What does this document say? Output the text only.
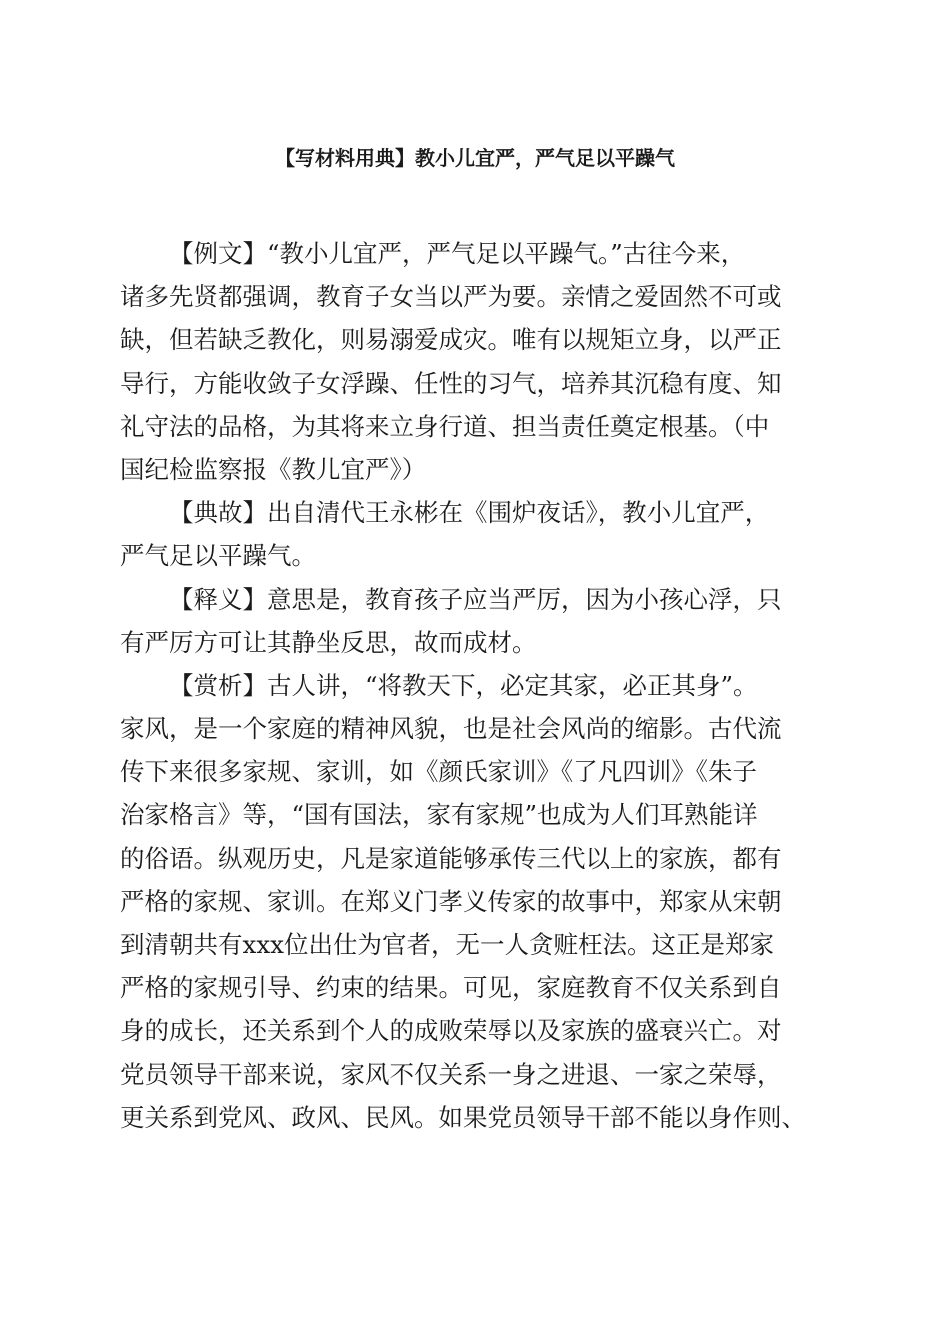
【写材料用典】教小儿宜严，严气足以平躁气

【例文】“教小儿宜严，严气足以平躁气。”古往今来，
诸多先贤都强调，教育子女当以严为要。亲情之爱固然不可或
缺，但若缺乏教化，则易溺爱成灾。唯有以规矩立身，以严正
导行，方能收敛子女浮躁、任性的习气，培养其沉稳有度、知
礼守法的品格，为其将来立身行道、担当责任奠定根基。（中
国纪检监察报《教儿宜严》）

【典故】出自清代王永彬在《围炉夜话》，教小儿宜严，
严气足以平躁气。

【释义】意思是，教育孩子应当严厉，因为小孩心浮，只
有严厉方可让其静坐反思，故而成材。

【赏析】古人讲，“将教天下，必定其家，必正其身”。
家风，是一个家庭的精神风貌，也是社会风尚的缩影。古代流
传下来很多家规、家训，如《颜氏家训》《了凡四训》《朱子
治家格言》等，“国有国法，家有家规”也成为人们耳熟能详
的俗语。纵观历史，凡是家道能够承传三代以上的家族，都有
严格的家规、家训。在郑义门孝义传家的故事中，郑家从宋朝
到清朝共有xxx位出仕为官者，无一人贪赃枉法。这正是郑家
严格的家规引导、约束的结果。可见，家庭教育不仅关系到自
身的成长，还关系到个人的成败荣辱以及家族的盛衰兴亡。对
党员领导干部来说，家风不仅关系一身之进退、一家之荣辱，
更关系到党风、政风、民风。如果党员领导干部不能以身作则、
